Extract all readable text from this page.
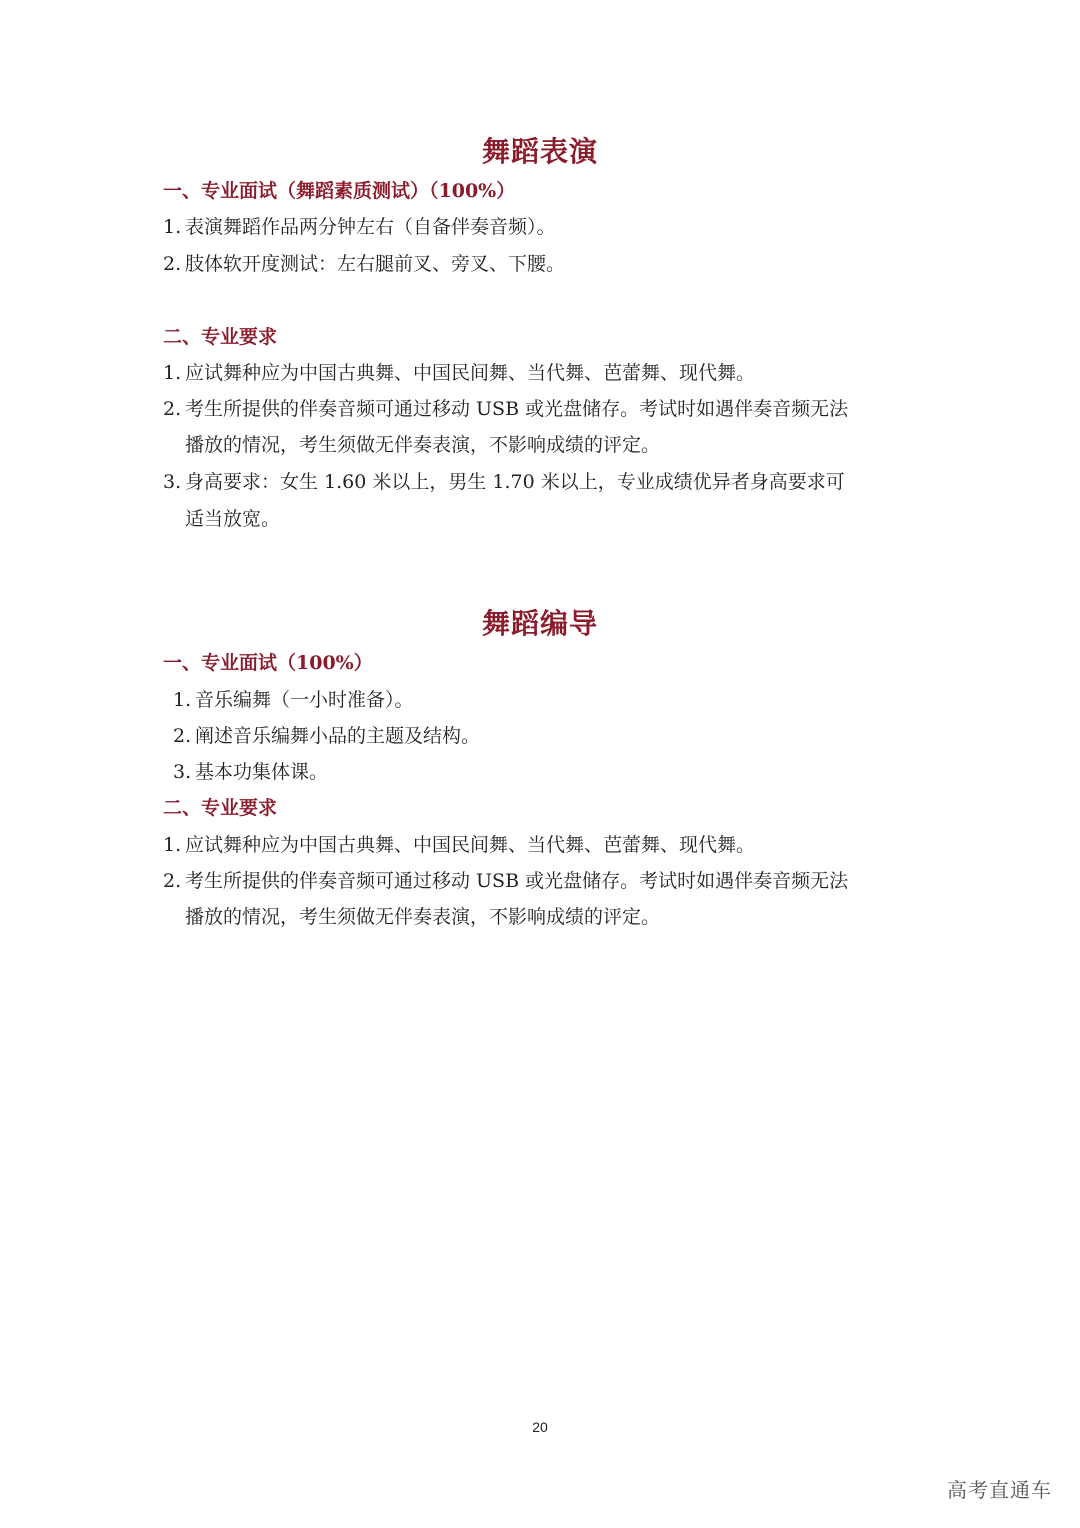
舞蹈表演
一、专业面试（舞蹈素质测试）（100%）
1. 表演舞蹈作品两分钟左右（自备伴奏音频）。
2. 肢体软开度测试：左右腿前叉、旁叉、下腰。
二、专业要求
1. 应试舞种应为中国古典舞、中国民间舞、当代舞、芭蕾舞、现代舞。
2. 考生所提供的伴奏音频可通过移动 USB 或光盘储存。考试时如遇伴奏音频无法
播放的情况，考生须做无伴奏表演，不影响成绩的评定。
3. 身高要求：女生 1.60 米以上，男生 1.70 米以上，专业成绩优异者身高要求可
适当放宽。
舞蹈编导
一、专业面试（100%）
1. 音乐编舞（一小时准备）。
2. 阐述音乐编舞小品的主题及结构。
3. 基本功集体课。
二、专业要求
1. 应试舞种应为中国古典舞、中国民间舞、当代舞、芭蕾舞、现代舞。
2. 考生所提供的伴奏音频可通过移动 USB 或光盘储存。考试时如遇伴奏音频无法
播放的情况，考生须做无伴奏表演，不影响成绩的评定。
20
高考直通车
